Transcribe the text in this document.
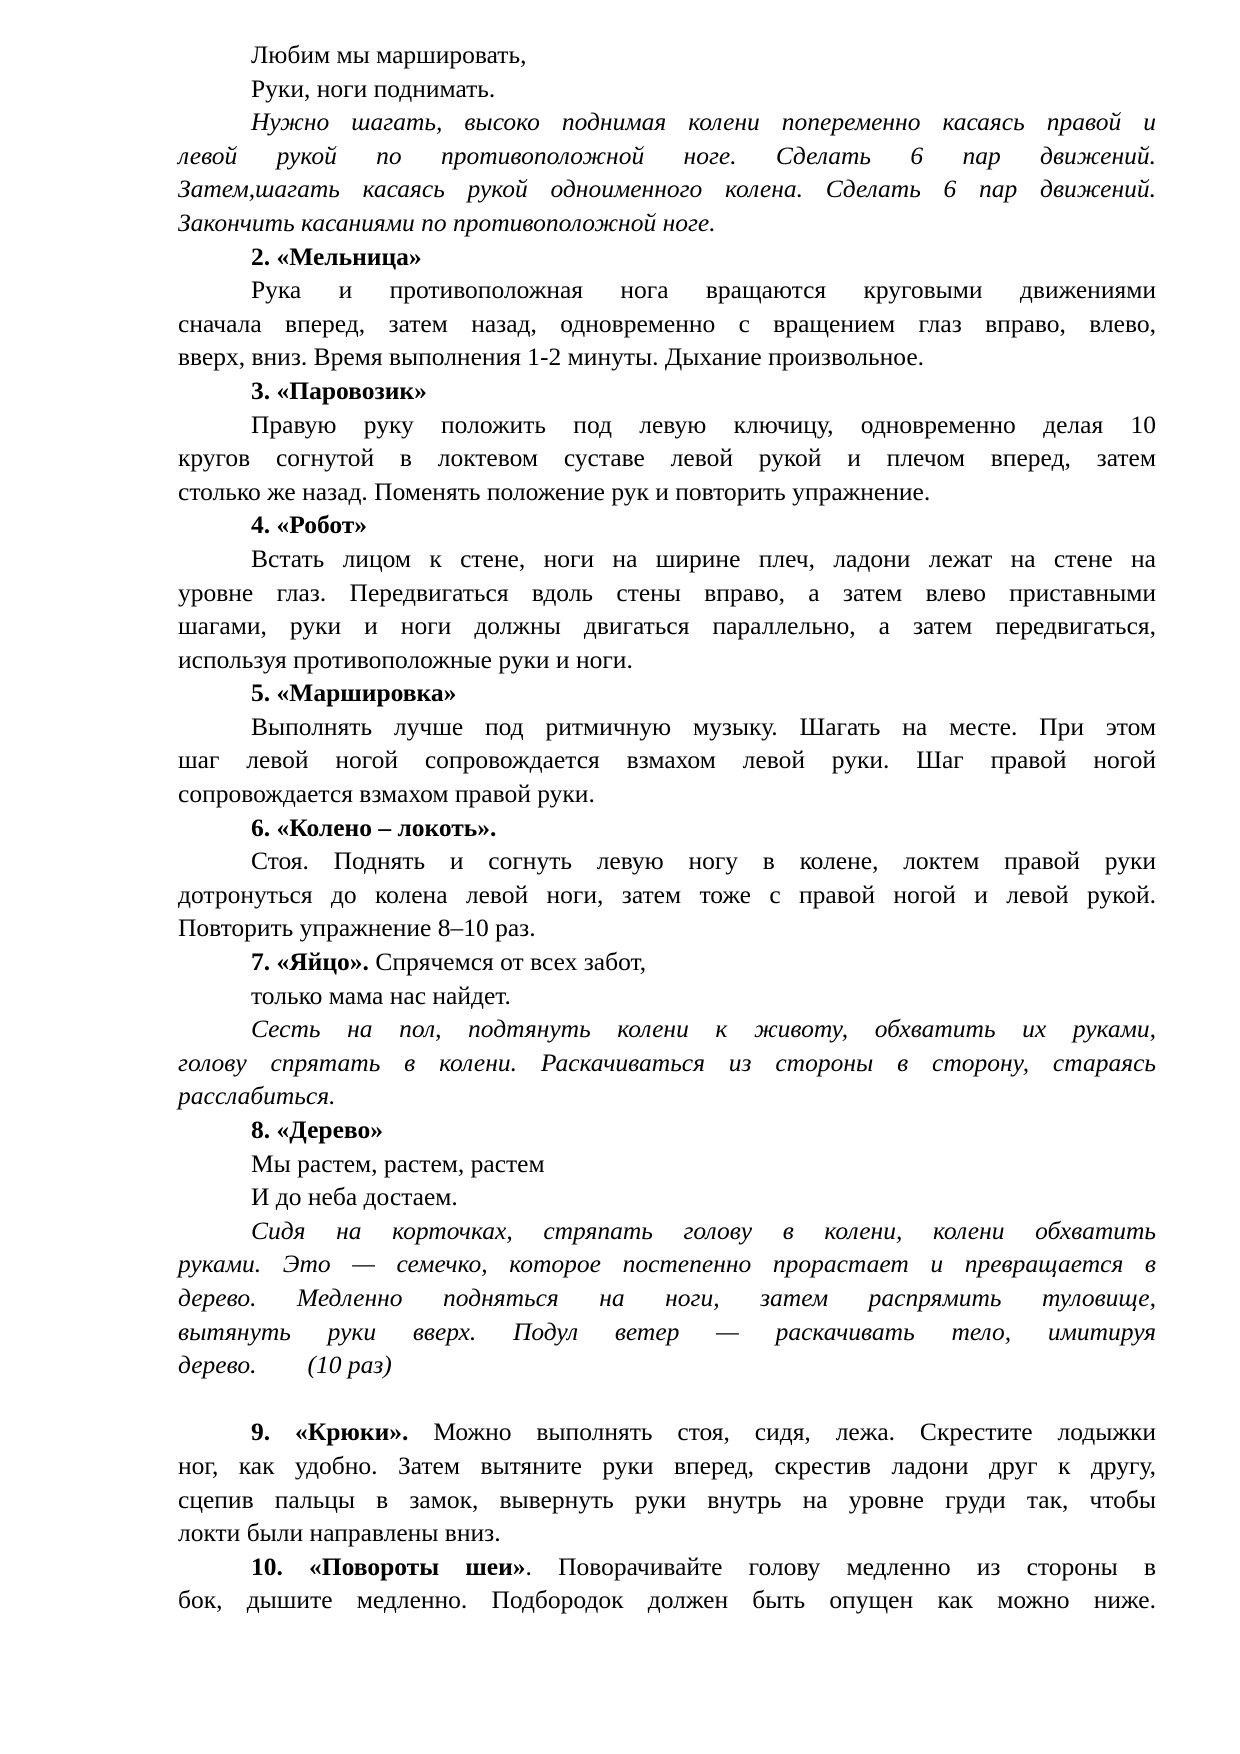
Любим мы маршировать,
Руки, ноги поднимать.
Нужно шагать, высоко поднимая колени попеременно касаясь правой и
левой рукой по противоположной ноге. Сделать 6 пар движений.
Затем,шагать касаясь рукой одноименного колена. Сделать 6 пар движений.
Закончить касаниями по противоположной ноге.
2. «Мельница»
Рука и противоположная нога вращаются круговыми движениями
сначала вперед, затем назад, одновременно с вращением глаз вправо, влево,
вверх, вниз. Время выполнения 1-2 минуты. Дыхание произвольное.
3. «Паровозик»
Правую руку положить под левую ключицу, одновременно делая 10
кругов согнутой в локтевом суставе левой рукой и плечом вперед, затем
столько же назад. Поменять положение рук и повторить упражнение.
4. «Робот»
Встать лицом к стене, ноги на ширине плеч, ладони лежат на стене на
уровне глаз. Передвигаться вдоль стены вправо, а затем влево приставными
шагами, руки и ноги должны двигаться параллельно, а затем передвигаться,
используя противоположные руки и ноги.
5. «Маршировка»
Выполнять лучше под ритмичную музыку. Шагать на месте. При этом
шаг левой ногой сопровождается взмахом левой руки. Шаг правой ногой
сопровождается взмахом правой руки.
6. «Колено – локоть».
Стоя. Поднять и согнуть левую ногу в колене, локтем правой руки
дотронуться до колена левой ноги, затем тоже с правой ногой и левой рукой.
Повторить упражнение 8–10 раз.
7. «Яйцо». Спрячемся от всех забот,
только мама нас найдет.
Сесть на пол, подтянуть колени к животу, обхватить их руками,
голову спрятать в колени. Раскачиваться из стороны в сторону, стараясь
расслабиться.
8. «Дерево»
Мы растем, растем, растем
И до неба достаем.
Сидя на корточках, стряпать голову в колени, колени обхватить
руками. Это — семечко, которое постепенно прорастает и превращается в
дерево. Медленно подняться на ноги, затем распрямить туловище,
вытянуть руки вверх. Подул ветер — раскачивать тело, имитируя
дерево.        (10 раз)
9. «Крюки». Можно выполнять стоя, сидя, лежа. Скрестите лодыжки
ног, как удобно. Затем вытяните руки вперед, скрестив ладони друг к другу,
сцепив пальцы в замок, вывернуть руки внутрь на уровне груди так, чтобы
локти были направлены вниз.
10. «Повороты шеи». Поворачивайте голову медленно из стороны в
бок, дышите медленно. Подбородок должен быть опущен как можно ниже.
